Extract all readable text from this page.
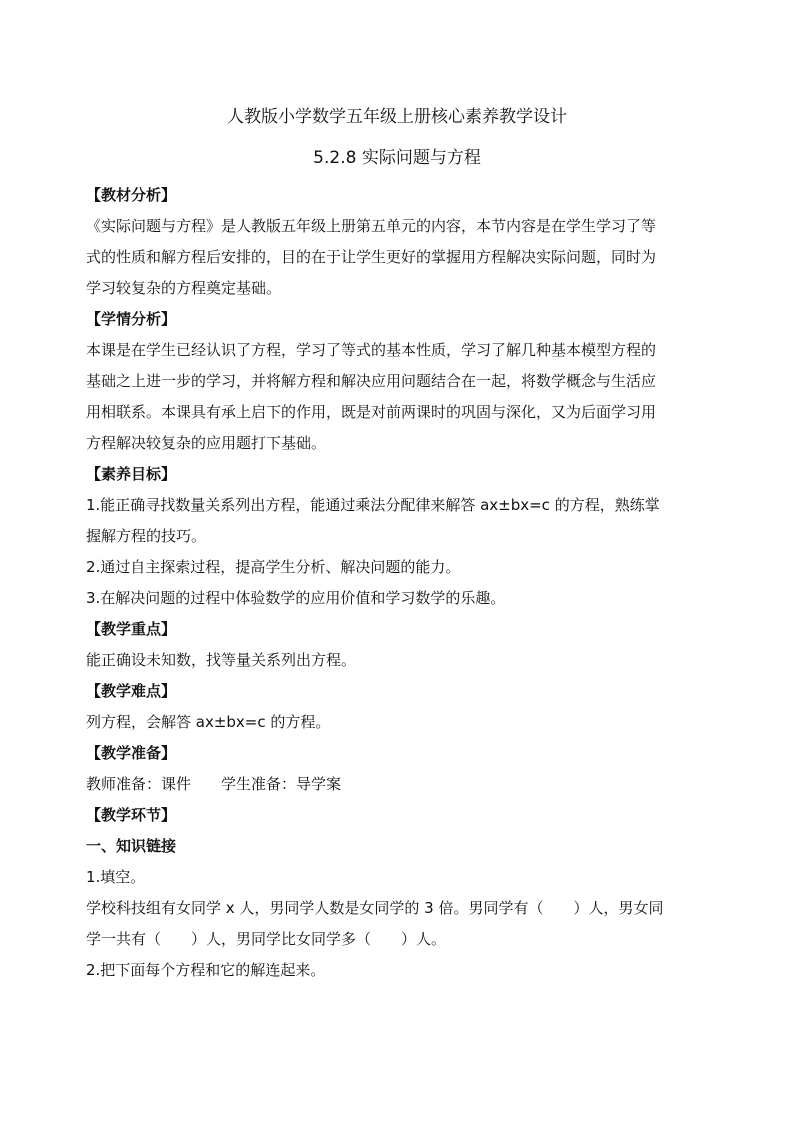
人教版小学数学五年级上册核心素养教学设计
5.2.8 实际问题与方程
【教材分析】
《实际问题与方程》是人教版五年级上册第五单元的内容，本节内容是在学生学习了等
式的性质和解方程后安排的，目的在于让学生更好的掌握用方程解决实际问题，同时为
学习较复杂的方程奠定基础。
【学情分析】
本课是在学生已经认识了方程，学习了等式的基本性质，学习了解几种基本模型方程的
基础之上进一步的学习，并将解方程和解决应用问题结合在一起，将数学概念与生活应
用相联系。本课具有承上启下的作用，既是对前两课时的巩固与深化，又为后面学习用
方程解决较复杂的应用题打下基础。
【素养目标】
1.能正确寻找数量关系列出方程，能通过乘法分配律来解答 ax±bx=c 的方程，熟练掌
握解方程的技巧。
2.通过自主探索过程，提高学生分析、解决问题的能力。
3.在解决问题的过程中体验数学的应用价值和学习数学的乐趣。
【教学重点】
能正确设未知数，找等量关系列出方程。
【教学难点】
列方程，会解答 ax±bx=c 的方程。
【教学准备】
教师准备：课件　　学生准备：导学案
【教学环节】
一、知识链接
1.填空。
学校科技组有女同学 x 人，男同学人数是女同学的 3 倍。男同学有（　　）人，男女同
学一共有（　　）人，男同学比女同学多（　　）人。
2.把下面每个方程和它的解连起来。
